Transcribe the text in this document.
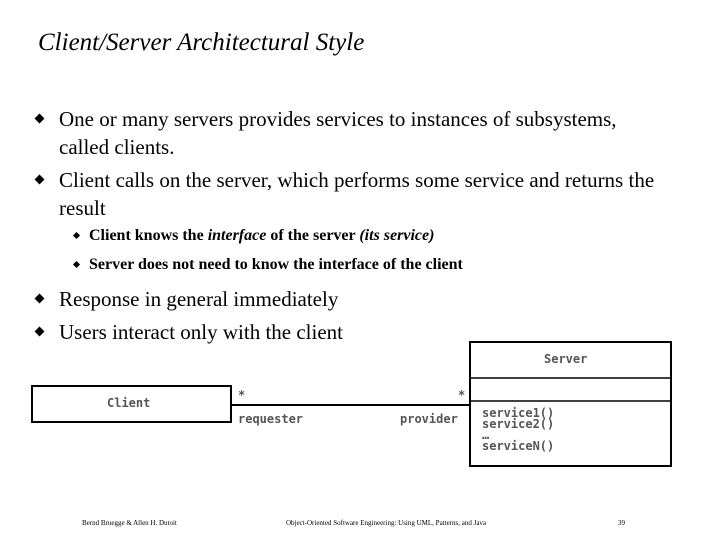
Client/Server Architectural Style
One or many servers provides services to instances of subsystems, called clients.
Client calls on the server, which performs some service and returns the result
Client knows the interface of the server (its service)
Server does not need to know the interface of the client
Response in general immediately
Users interact only with the client
Client
Server
*	*
requester	provider service1()
service2()
…
serviceN()
Bernd Bruegge & Allen H. Dutoit	Object-Oriented Software Engineering: Using UML, Patterns, and Java	39
